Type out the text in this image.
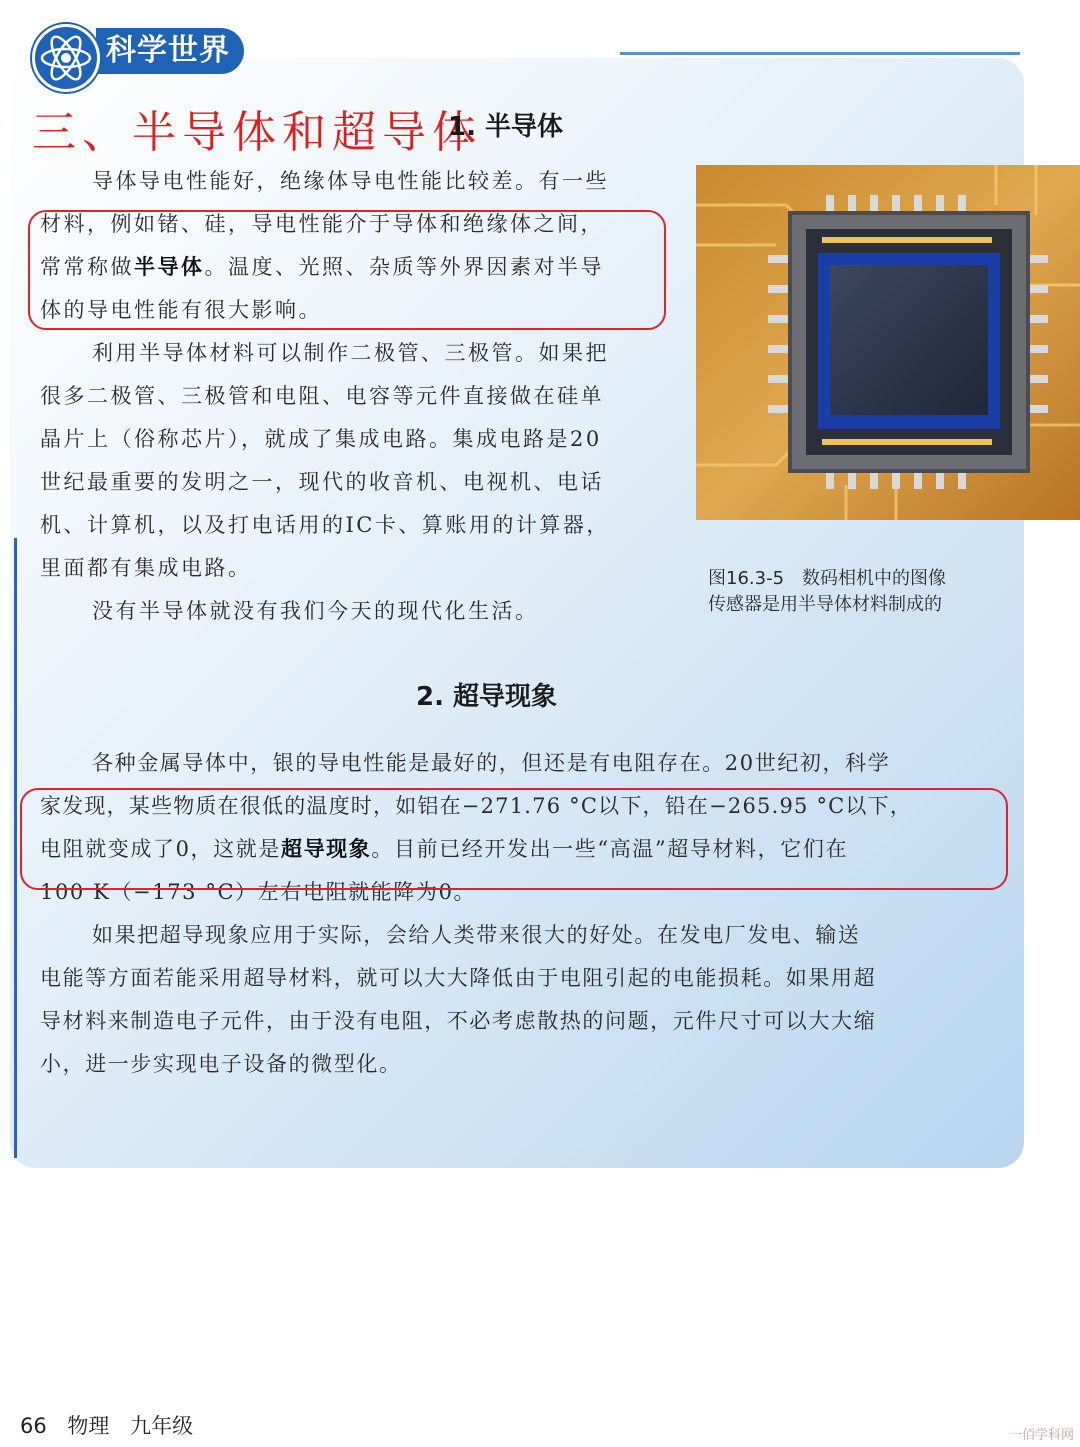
科学世界
三、半导体和超导体
1. 半导体

导体导电性能好，绝缘体导电性能比较差。有一些

材料，例如锗、硅，导电性能介于导体和绝缘体之间，

常常称做半导体。温度、光照、杂质等外界因素对半导

体的导电性能有很大影响。

利用半导体材料可以制作二极管、三极管。如果把

很多二极管、三极管和电阻、电容等元件直接做在硅单

晶片上（俗称芯片），就成了集成电路。集成电路是20

世纪最重要的发明之一，现代的收音机、电视机、电话

机、计算机，以及打电话用的IC卡、算账用的计算器，

里面都有集成电路。

没有半导体就没有我们今天的现代化生活。

图16.3-5　数码相机中的图像
传感器是用半导体材料制成的
2. 超导现象

各种金属导体中，银的导电性能是最好的，但还是有电阻存在。20世纪初，科学

家发现，某些物质在很低的温度时，如铝在−271.76 °C以下，铅在−265.95 °C以下，

电阻就变成了0，这就是超导现象。目前已经开发出一些“高温”超导材料，它们在

100 K（−173 °C）左右电阻就能降为0。

如果把超导现象应用于实际，会给人类带来很大的好处。在发电厂发电、输送

电能等方面若能采用超导材料，就可以大大降低由于电阻引起的电能损耗。如果用超

导材料来制造电子元件，由于没有电阻，不必考虑散热的问题，元件尺寸可以大大缩

小，进一步实现电子设备的微型化。

66 物理 九年级	一佰学科网
